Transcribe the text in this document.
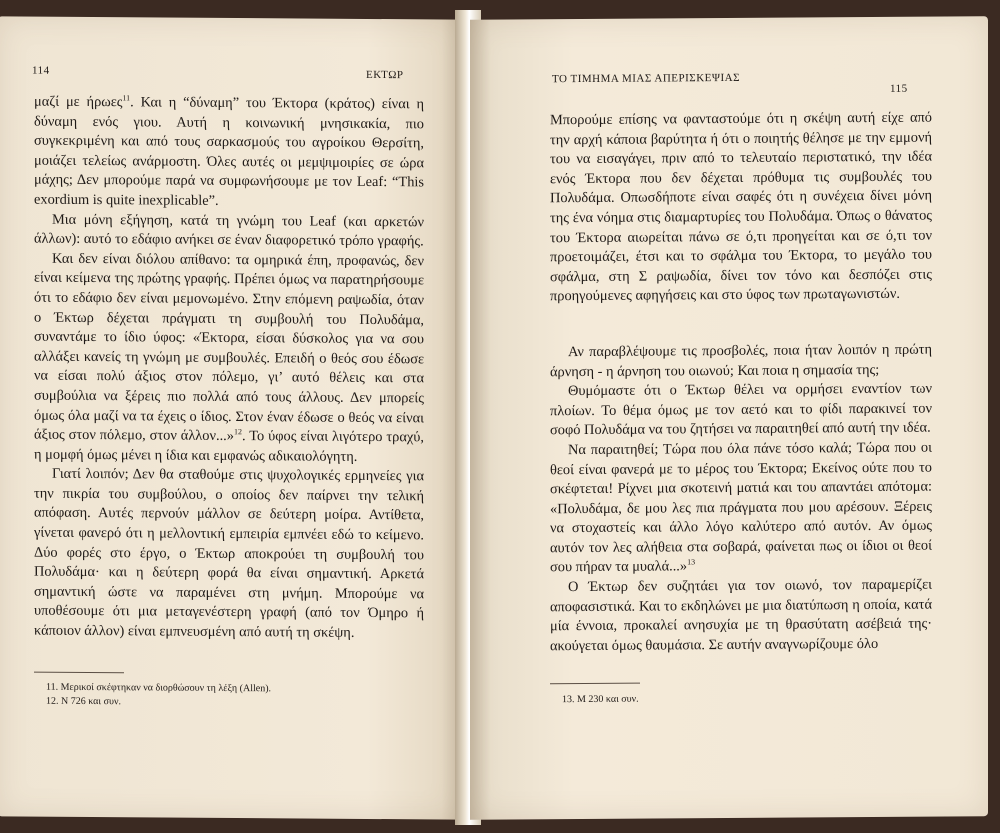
114	ΕΚΤΩΡ

μαζί με ήρωες$^{11}$. Και η “δύναμη” του Έκτορα (κράτος) είναι η δύναμη ενός γιου. Αυτή η κοινωνική μνησικακία, πιο συγκεκριμένη και από τους σαρκασμούς του αγροίκου Θερσίτη, μοιάζει τελείως ανάρμοστη. Όλες αυτές οι μεμψιμοιρίες σε ώρα μάχης; Δεν μπορούμε παρά να συμφωνήσουμε με τον Leaf: “This exordium is quite inexplicable”.

Μια μόνη εξήγηση, κατά τη γνώμη του Leaf (και αρκετών άλλων): αυτό το εδάφιο ανήκει σε έναν διαφορετικό τρόπο γραφής.

Και δεν είναι διόλου απίθανο: τα ομηρικά έπη, προφανώς, δεν είναι κείμενα της πρώτης γραφής. Πρέπει όμως να παρατηρήσουμε ότι το εδάφιο δεν είναι μεμονωμένο. Στην επόμενη ραψωδία, όταν ο Έκτωρ δέχεται πράγματι τη συμβουλή του Πολυδάμα, συναντάμε το ίδιο ύφος: «Έκτορα, είσαι δύσκολος για να σου αλλάξει κανείς τη γνώμη με συμβουλές. Επειδή ο θεός σου έδωσε να είσαι πολύ άξιος στον πόλεμο, γι’ αυτό θέλεις και στα συμβούλια να ξέρεις πιο πολλά από τους άλλους. Δεν μπορείς όμως όλα μαζί να τα έχεις ο ίδιος. Στον έναν έδωσε ο θεός να είναι άξιος στον πόλεμο, στον άλλον...»$^{12}$. Το ύφος είναι λιγότερο τραχύ, η μομφή όμως μένει η ίδια και εμφανώς αδικαιολόγητη.

Γιατί λοιπόν; Δεν θα σταθούμε στις ψυχολογικές ερμηνείες για την πικρία του συμβούλου, ο οποίος δεν παίρνει την τελική απόφαση. Αυτές περνούν μάλλον σε δεύτερη μοίρα. Αντίθετα, γίνεται φανερό ότι η μελλοντική εμπειρία εμπνέει εδώ το κείμενο. Δύο φορές στο έργο, ο Έκτωρ αποκρούει τη συμβουλή του Πολυδάμα· και η δεύτερη φορά θα είναι σημαντική. Αρκετά σημαντική ώστε να παραμένει στη μνήμη. Μπορούμε να υποθέσουμε ότι μια μεταγενέστερη γραφή (από τον Όμηρο ή κάποιον άλλον) είναι εμπνευσμένη από αυτή τη σκέψη.

11. Μερικοί σκέφτηκαν να διορθώσουν τη λέξη (Allen).
12. Ν 726 και συν.
ΤΟ ΤΙΜΗΜΑ ΜΙΑΣ ΑΠΕΡΙΣΚΕΨΙΑΣ
115

Μπορούμε επίσης να φανταστούμε ότι η σκέψη αυτή είχε από την αρχή κάποια βαρύτητα ή ότι ο ποιητής θέλησε με την εμμονή του να εισαγάγει, πριν από το τελευταίο περιστατικό, την ιδέα ενός Έκτορα που δεν δέχεται πρόθυμα τις συμβουλές του Πολυδάμα. Οπωσδήποτε είναι σαφές ότι η συνέχεια δίνει μόνη της ένα νόημα στις διαμαρτυρίες του Πολυδάμα. Όπως ο θάνατος του Έκτορα αιωρείται πάνω σε ό,τι προηγείται και σε ό,τι τον προετοιμάζει, έτσι και το σφάλμα του Έκτορα, το μεγάλο του σφάλμα, στη Σ ραψωδία, δίνει τον τόνο και δεσπόζει στις προηγούμενες αφηγήσεις και στο ύφος των πρωταγωνιστών.

Αν παραβλέψουμε τις προσβολές, ποια ήταν λοιπόν η πρώτη άρνηση - η άρνηση του οιωνού; Και ποια η σημασία της;

Θυμόμαστε ότι ο Έκτωρ θέλει να ορμήσει εναντίον των πλοίων. Το θέμα όμως με τον αετό και το φίδι παρακινεί τον σοφό Πολυδάμα να του ζητήσει να παραιτηθεί από αυτή την ιδέα.

Να παραιτηθεί; Τώρα που όλα πάνε τόσο καλά; Τώρα που οι θεοί είναι φανερά με το μέρος του Έκτορα; Εκείνος ούτε που το σκέφτεται! Ρίχνει μια σκοτεινή ματιά και του απαντάει απότομα: «Πολυδάμα, δε μου λες πια πράγματα που μου αρέσουν. Ξέρεις να στοχαστείς και άλλο λόγο καλύτερο από αυτόν. Αν όμως αυτόν τον λες αλήθεια στα σοβαρά, φαίνεται πως οι ίδιοι οι θεοί σου πήραν τα μυαλά...»$^{13}$

Ο Έκτωρ δεν συζητάει για τον οιωνό, τον παραμερίζει αποφασιστικά. Και το εκδηλώνει με μια διατύπωση η οποία, κατά μία έννοια, προκαλεί ανησυχία με τη θρασύτατη ασέβειά της· ακούγεται όμως θαυμάσια. Σε αυτήν αναγνωρίζουμε όλο

13. Μ 230 και συν.
